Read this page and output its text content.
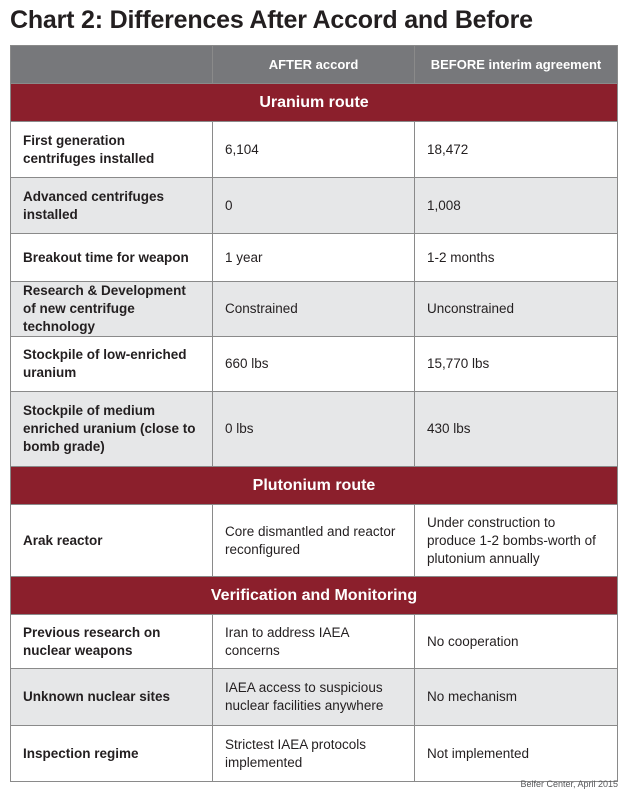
Chart 2: Differences After Accord and Before
	AFTER accord	BEFORE interim agreement
Uranium route		
First generation centrifuges installed	6,104	18,472
Advanced centrifuges installed	0	1,008
Breakout time for weapon	1 year	1-2 months
Research & Development of new centrifuge technology	Constrained	Unconstrained
Stockpile of low-enriched uranium	660 lbs	15,770 lbs
Stockpile of medium enriched uranium (close to bomb grade)	0 lbs	430 lbs
Plutonium route		
Arak reactor	Core dismantled and reactor reconfigured	Under construction to produce 1-2 bombs-worth of plutonium annually
Verification and Monitoring		
Previous research on nuclear weapons	Iran to address IAEA concerns	No cooperation
Unknown nuclear sites	IAEA access to suspicious nuclear facilities anywhere	No mechanism
Inspection regime	Strictest IAEA protocols implemented	Not implemented
Belfer Center, April 2015
